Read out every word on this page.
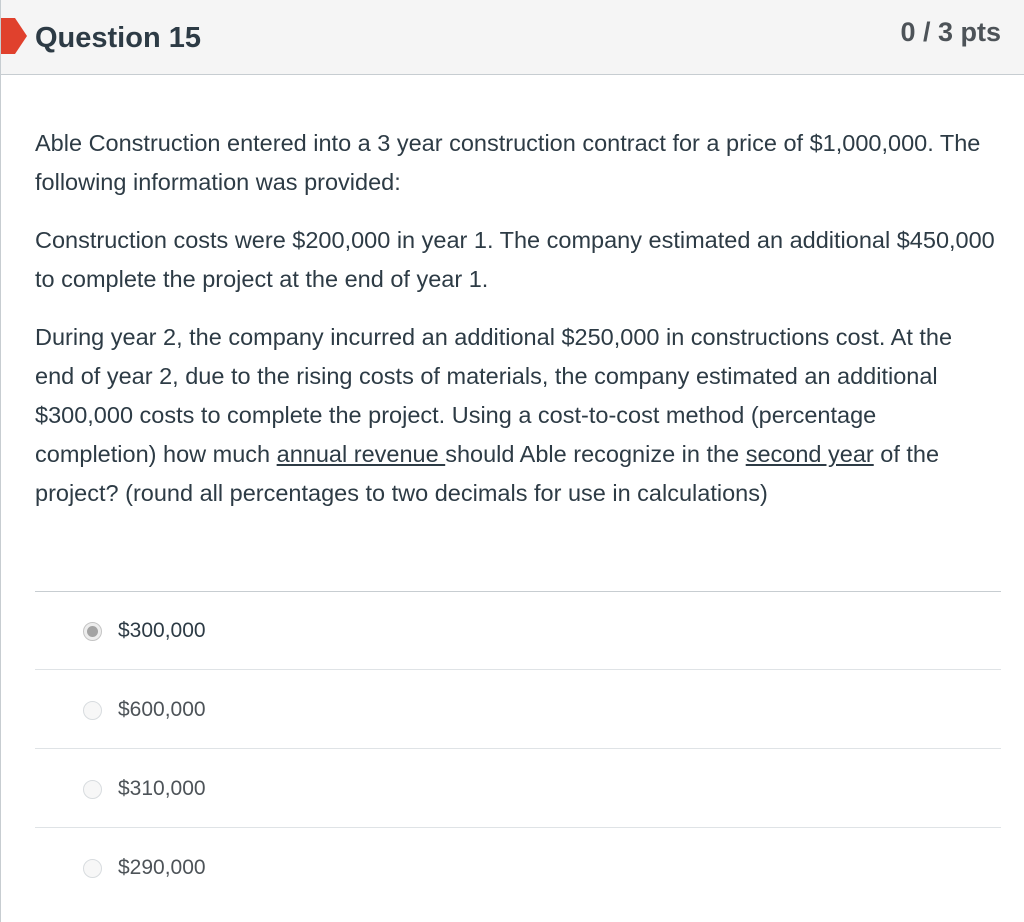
Question 15	0 / 3 pts

Able Construction entered into a 3 year construction contract for a price of $1,000,000. The following information was provided:

Construction costs were $200,000 in year 1. The company estimated an additional $450,000 to complete the project at the end of year 1.

During year 2, the company incurred an additional $250,000 in constructions cost. At the end of year 2, due to the rising costs of materials, the company estimated an additional $300,000 costs to complete the project. Using a cost-to-cost method (percentage completion) how much annual revenue should Able recognize in the second year of the project? (round all percentages to two decimals for use in calculations)

$300,000
$600,000
$310,000
$290,000
